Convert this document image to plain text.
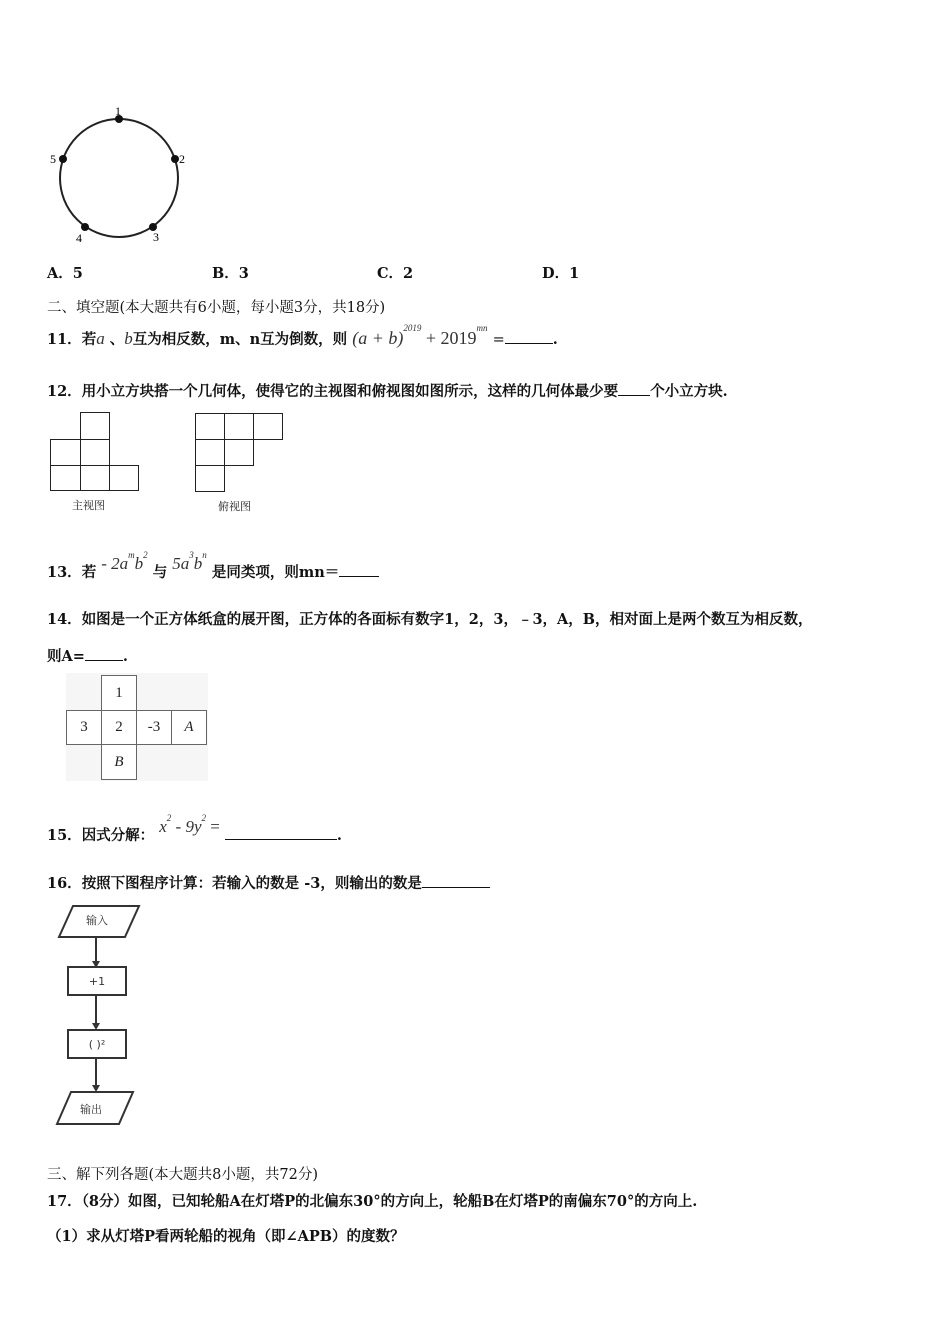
1
2
3
4
5
A．5	B．3	C．2	D．1
二、填空题(本大题共有6小题，每小题3分，共18分)
11．若a 、b互为相反数，m、n互为倒数，则 $(a + b)^{2019} + 2019^{mn}$ =	.
12．用小立方块搭一个几何体，使得它的主视图和俯视图如图所示，这样的几何体最少要 个小立方块.
主视图	俯视图
13．若 - $2a^mb^2$ 与 $5a^3b^n$ 是同类项，则mn＝
14．如图是一个正方体纸盒的展开图，正方体的各面标有数字1，2，3，﹣3，A，B，相对面上是两个数互为相反数，
则A=	.
1
3 2 -3 A
B
15．因式分解： $x^2 - 9y^2$ =	.
16．按照下图程序计算：若输入的数是 -3，则输出的数是
输入
+1
( )²
输出
三、解下列各题(本大题共8小题，共72分)
17．（8分）如图，已知轮船A在灯塔P的北偏东30°的方向上，轮船B在灯塔P的南偏东70°的方向上.
（1）求从灯塔P看两轮船的视角（即∠APB）的度数？
